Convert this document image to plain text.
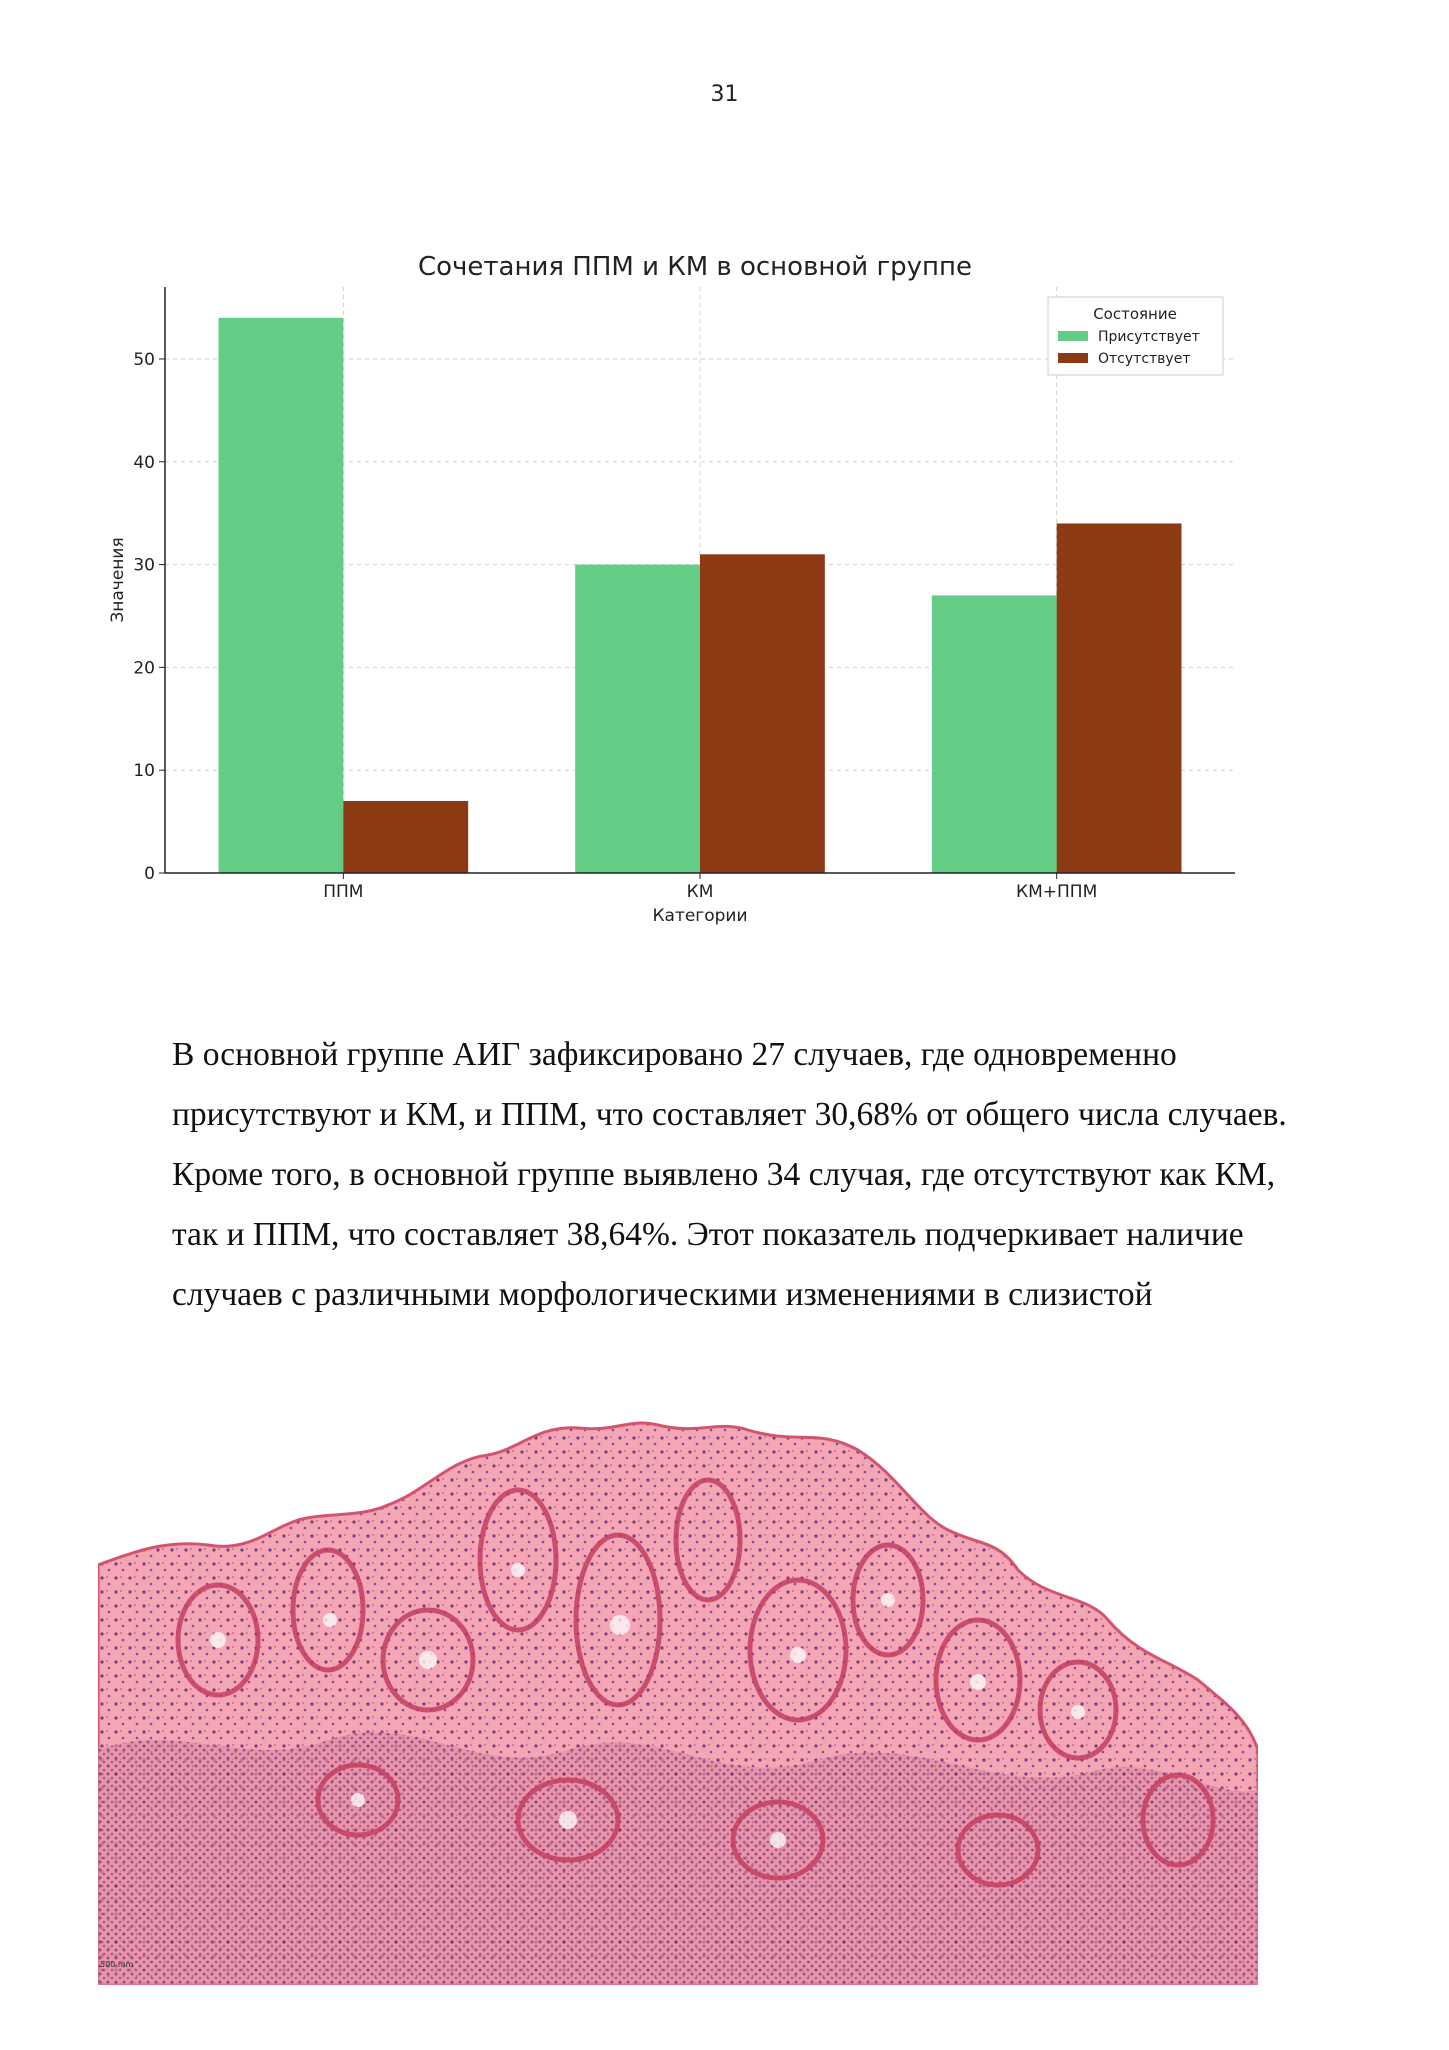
31
Сочетания ППМ и КМ в основной группе
0
10
20
30
40
50
ППМ	КМ	КМ+ППМ
Категории
Значения
Состояние
Присутствует
Отсутствует
В основной группе АИГ зафиксировано 27 случаев, где одновременно
присутствуют и КМ, и ППМ, что составляет 30,68% от общего числа случаев.
Кроме того, в основной группе выявлено 34 случая, где отсутствуют как КМ,
так и ППМ, что составляет 38,64%. Этот показатель подчеркивает наличие
случаев с различными морфологическими изменениями в слизистой
500 mm
